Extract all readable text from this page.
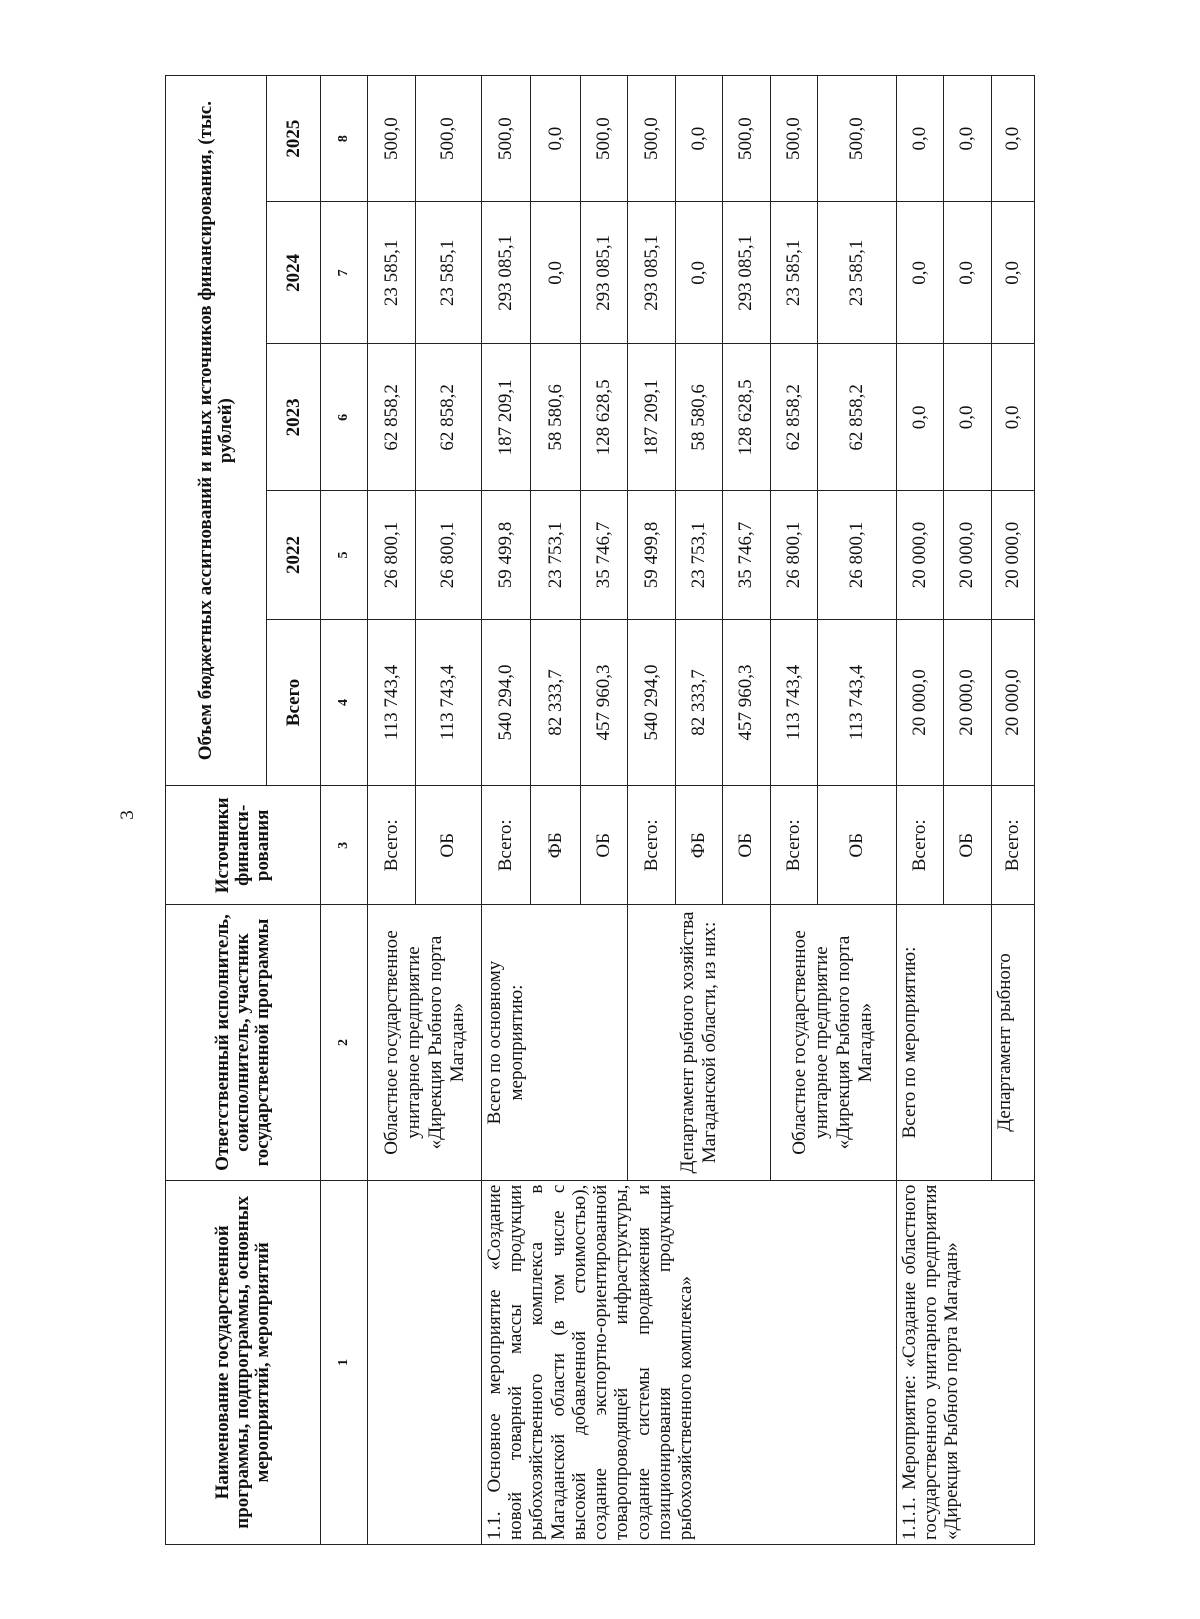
3
Наименование государственной программы, подпрограммы, основных мероприятий, мероприятий	Ответственный исполнитель, соисполнитель, участник государственной программы	Источники финанси-рования	Объем бюджетных ассигнований и иных источников финансирования, (тыс. рублей)				
			Всего	2022	2023	2024	2025
1	2	3	4	5	6	7	8
	Областное государственное унитарное предприятие «Дирекция Рыбного порта Магадан»	Всего:	113 743,4	26 800,1	62 858,2	23 585,1	500,0
		ОБ	113 743,4	26 800,1	62 858,2	23 585,1	500,0
1.1. Основное мероприятие «Создание новой товарной массы продукции рыбохозяйственного комплекса в Магаданской области (в том числе с высокой добавленной стоимостью), создание экспортно-ориентированной товаропроводящей инфраструктуры, создание системы продвижения и позиционирования продукции рыбохозяйственного комплекса»	Всего по основному мероприятию:	Всего:	540 294,0	59 499,8	187 209,1	293 085,1	500,0
		ФБ	82 333,7	23 753,1	58 580,6	0,0	0,0
		ОБ	457 960,3	35 746,7	128 628,5	293 085,1	500,0
	Департамент рыбного хозяйства Магаданской области, из них:	Всего:	540 294,0	59 499,8	187 209,1	293 085,1	500,0
		ФБ	82 333,7	23 753,1	58 580,6	0,0	0,0
		ОБ	457 960,3	35 746,7	128 628,5	293 085,1	500,0
	Областное государственное унитарное предприятие «Дирекция Рыбного порта Магадан»	Всего:	113 743,4	26 800,1	62 858,2	23 585,1	500,0
		ОБ	113 743,4	26 800,1	62 858,2	23 585,1	500,0
1.1.1. Мероприятие: «Создание областного государственного унитарного предприятия «Дирекция Рыбного порта Магадан»	Всего по мероприятию:	Всего:	20 000,0	20 000,0	0,0	0,0	0,0
		ОБ	20 000,0	20 000,0	0,0	0,0	0,0
	Департамент рыбного	Всего:	20 000,0	20 000,0	0,0	0,0	0,0
